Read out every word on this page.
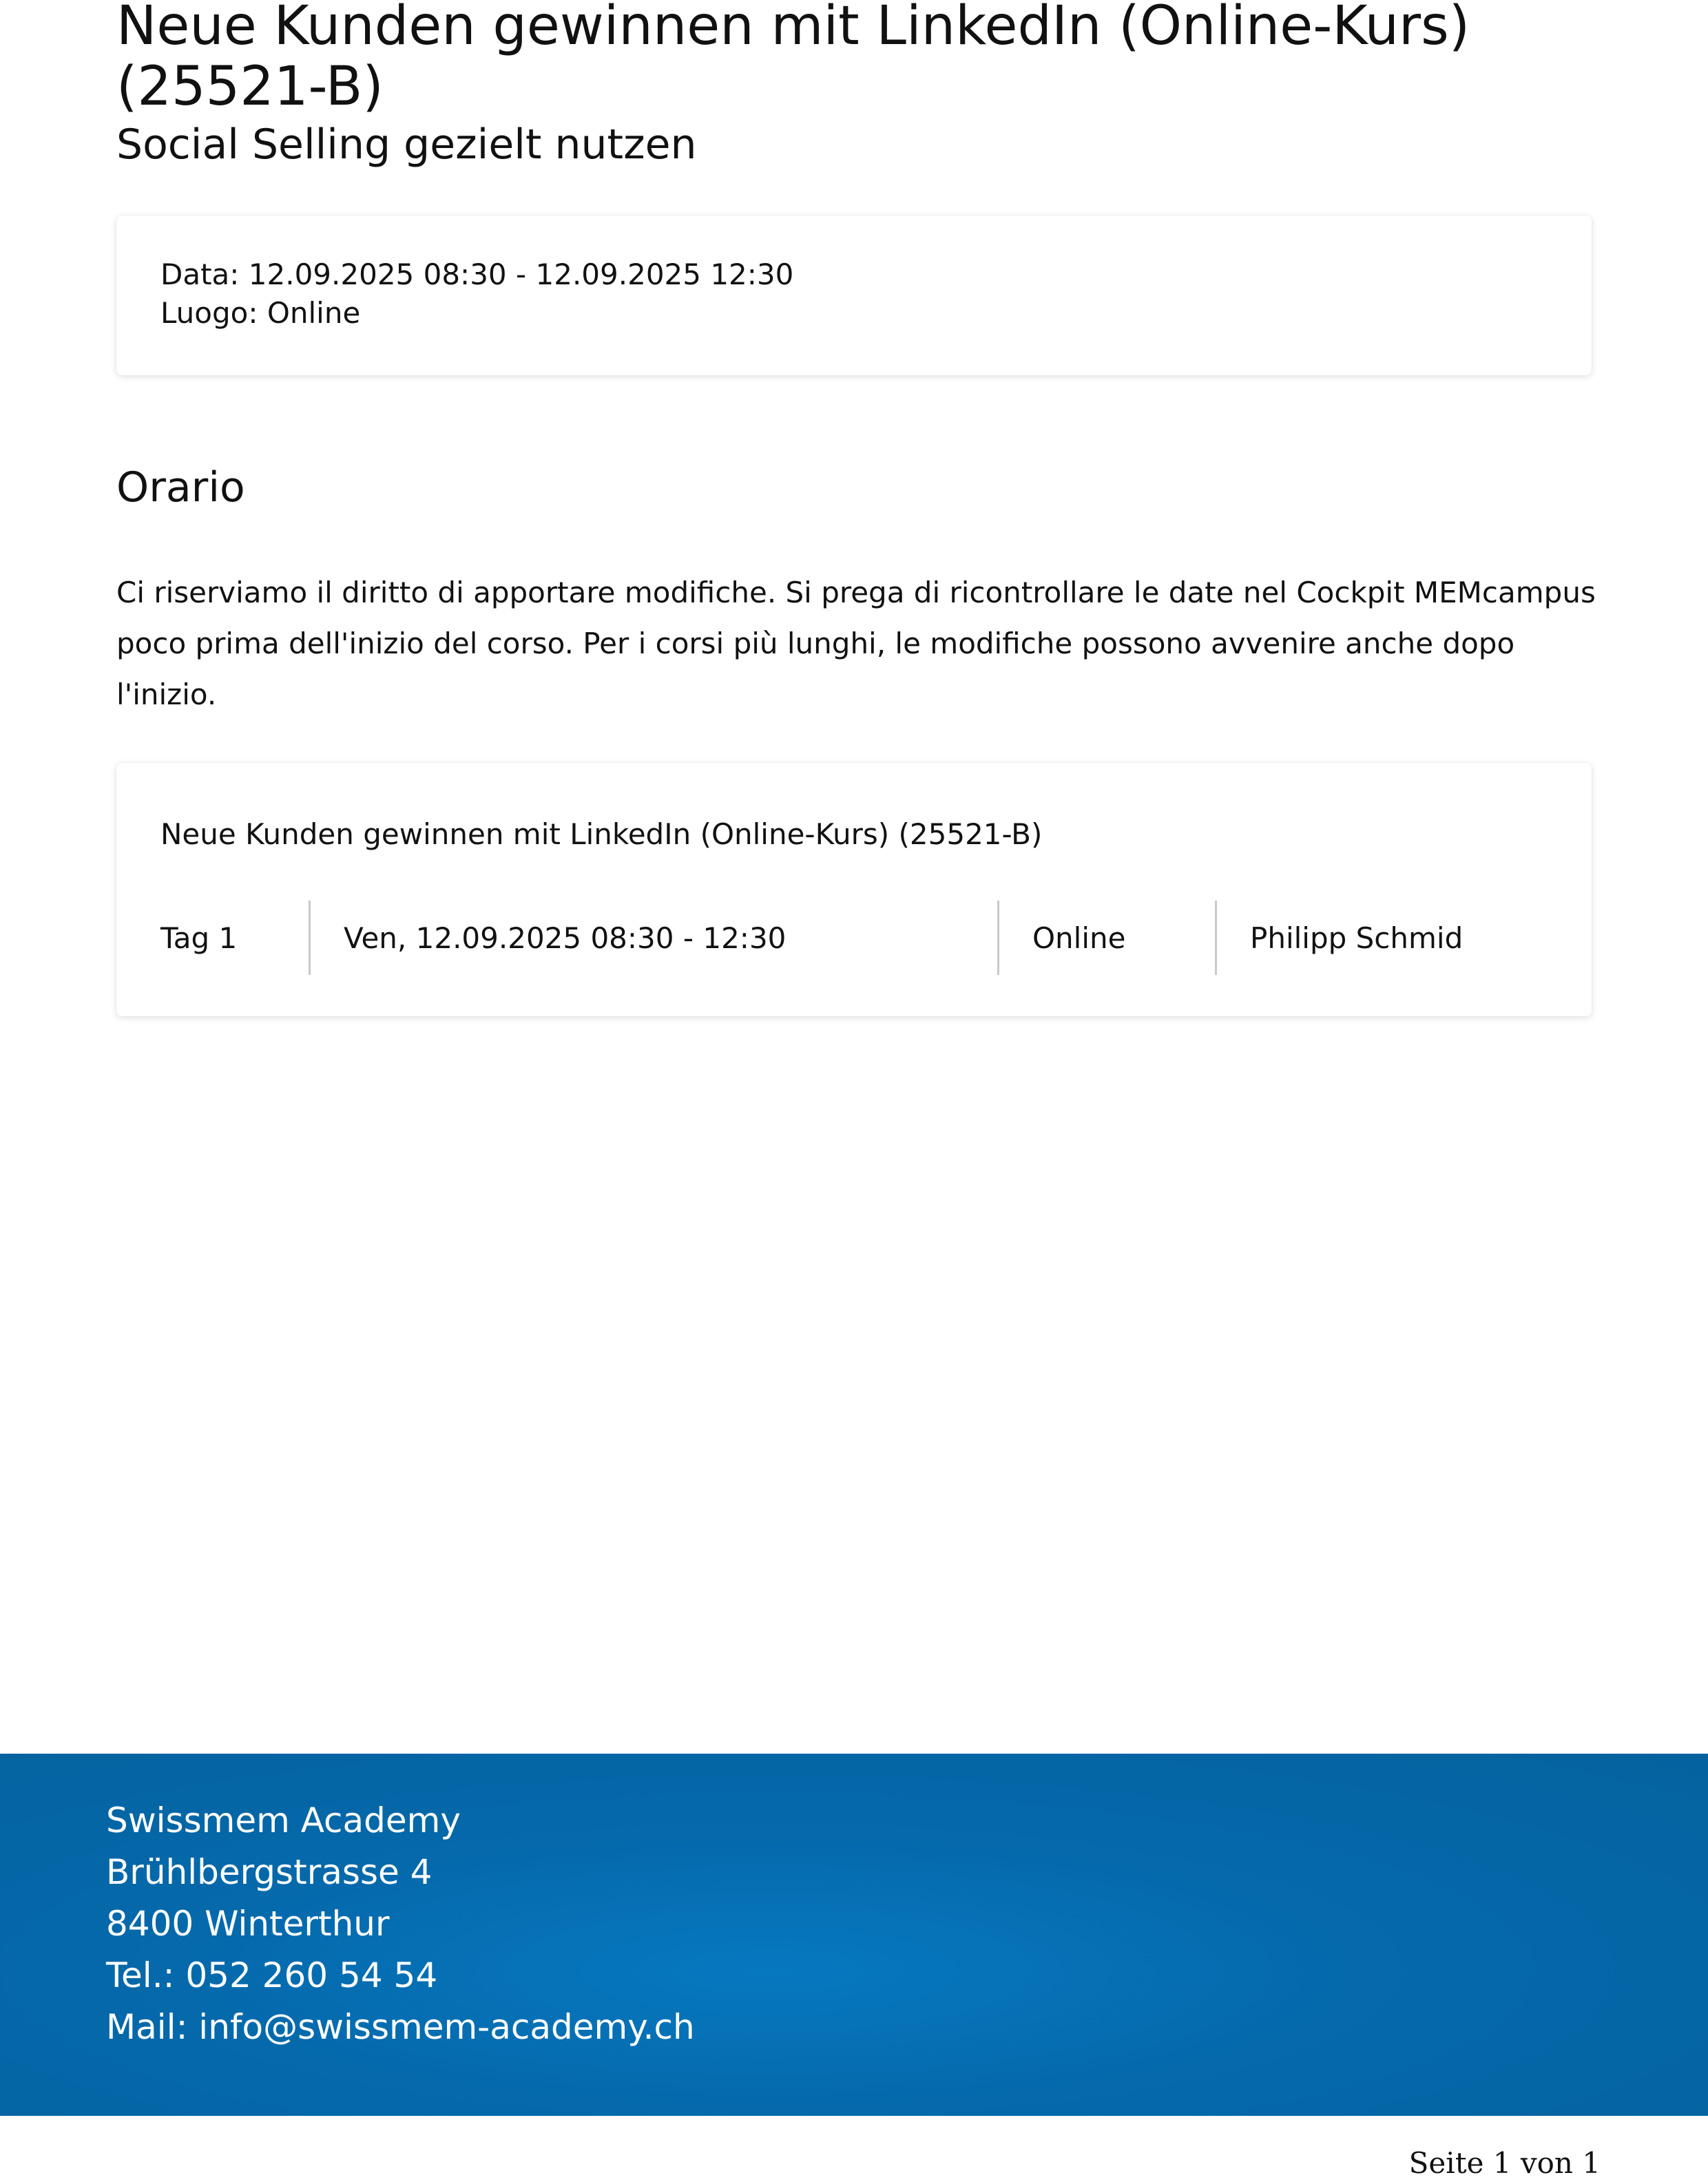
Neue Kunden gewinnen mit LinkedIn (Online-Kurs) (25521-B)
Social Selling gezielt nutzen
Data: 12.09.2025 08:30 - 12.09.2025 12:30
Luogo: Online
Orario

Ci riserviamo il diritto di apportare modifiche. Si prega di ricontrollare le date nel Cockpit MEMcampus poco prima dell'inizio del corso. Per i corsi più lunghi, le modifiche possono avvenire anche dopo l'inizio.

Neue Kunden gewinnen mit LinkedIn (Online-Kurs) (25521-B)
Tag 1	Ven, 12.09.2025 08:30 - 12:30	Online	Philipp Schmid
Swissmem Academy
Brühlbergstrasse 4
8400 Winterthur
Tel.: 052 260 54 54
Mail: info@swissmem-academy.ch
Seite 1 von 1
